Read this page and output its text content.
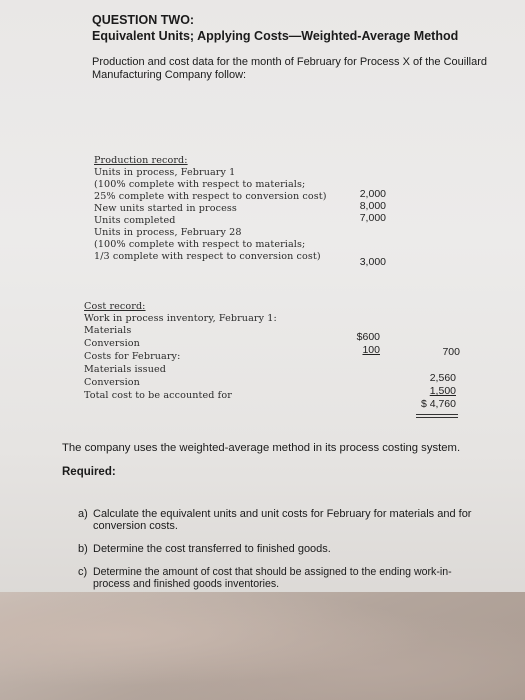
QUESTION TWO:
Equivalent Units; Applying Costs—Weighted-Average Method
Production and cost data for the month of February for Process X of the Couillard
Manufacturing Company follow:
Production record:
Units in process, February 1
(100% complete with respect to materials;
25% complete with respect to conversion cost)
New units started in process
Units completed
Units in process, February 28
(100% complete with respect to materials;
1/3 complete with respect to conversion cost)
2,000
8,000
7,000
3,000
Cost record:
Work in process inventory, February 1:
Materials
Conversion
Costs for February:
Materials issued
Conversion
Total cost to be accounted for
$600
100	700
2,560
1,500
$ 4,760
The company uses the weighted-average method in its process costing system.
Required:
a) Calculate the equivalent units and unit costs for February for materials and for
conversion costs.
b) Determine the cost transferred to finished goods.
c) Determine the amount of cost that should be assigned to the ending work-in-
process and finished goods inventories.
